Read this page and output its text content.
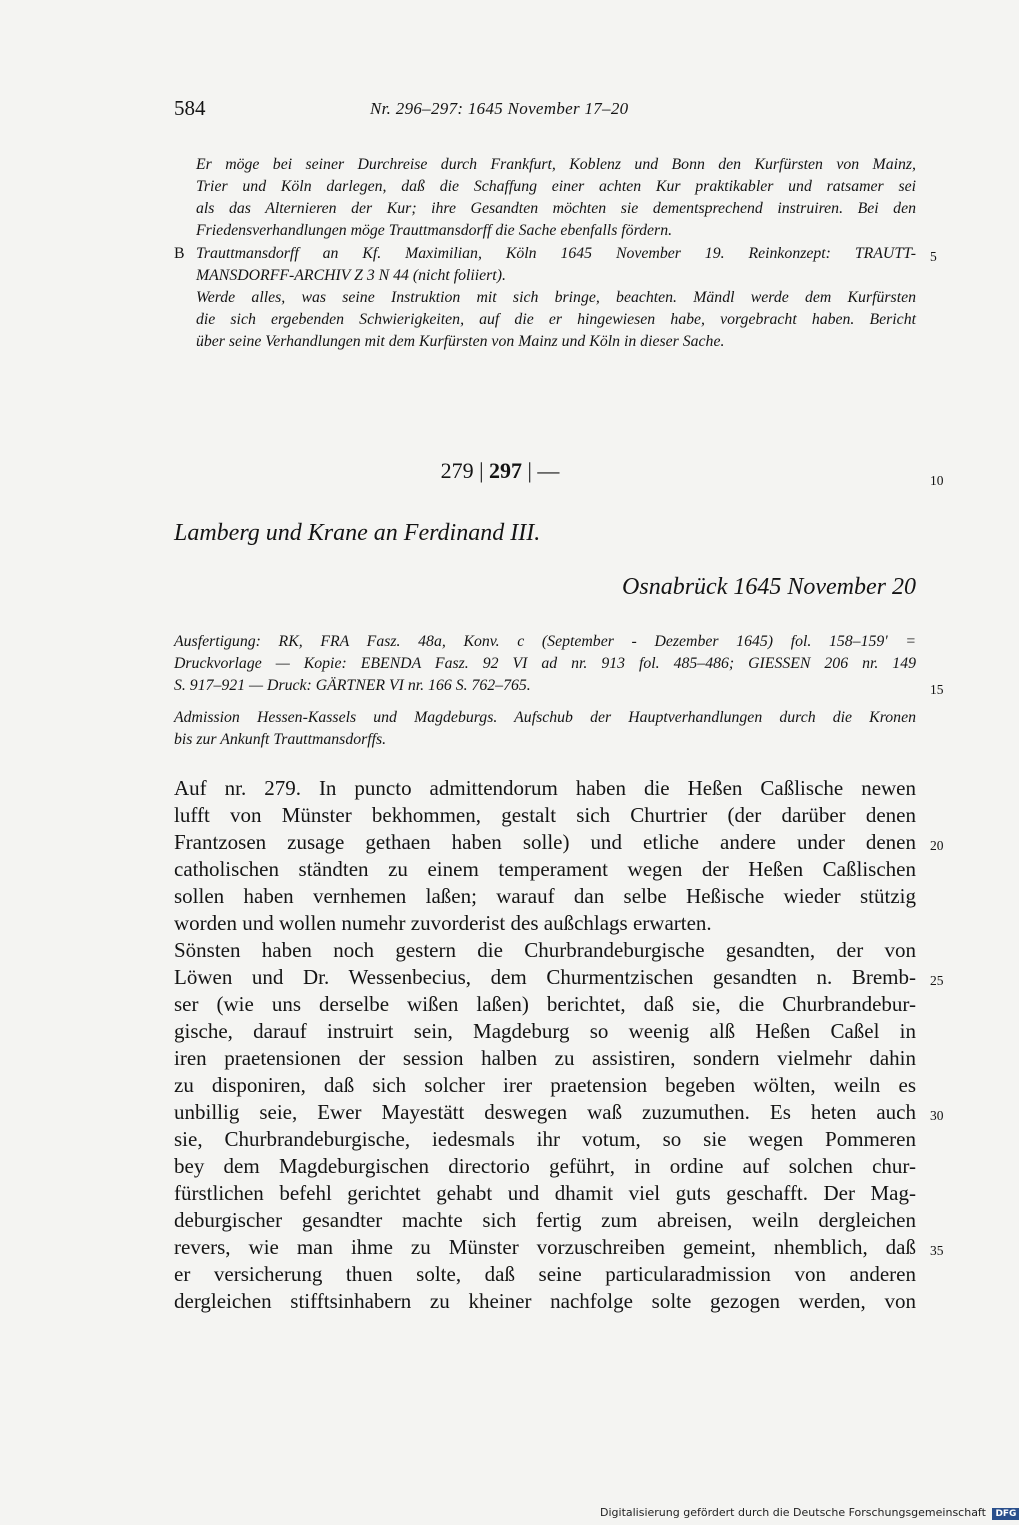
584	Nr. 296–297: 1645 November 17–20
Er möge bei seiner Durchreise durch Frankfurt, Koblenz und Bonn den Kurfürsten von Mainz,
Trier und Köln darlegen, daß die Schaffung einer achten Kur praktikabler und ratsamer sei
als das Alternieren der Kur; ihre Gesandten möchten sie dementsprechend instruiren. Bei den
Friedensverhandlungen möge Trauttmansdorff die Sache ebenfalls fördern.
B Trauttmansdorff an Kf. Maximilian, Köln 1645 November 19. Reinkonzept: TRAUTT-
MANSDORFF-ARCHIV Z 3 N 44 (nicht foliiert).
Werde alles, was seine Instruktion mit sich bringe, beachten. Mändl werde dem Kurfürsten
die sich ergebenden Schwierigkeiten, auf die er hingewiesen habe, vorgebracht haben. Bericht
über seine Verhandlungen mit dem Kurfürsten von Mainz und Köln in dieser Sache.
279 | 297 | —
Lamberg und Krane an Ferdinand III.
Osnabrück 1645 November 20
Ausfertigung: RK, FRA Fasz. 48a, Konv. c (September - Dezember 1645) fol. 158–159' =
Druckvorlage — Kopie: EBENDA Fasz. 92 VI ad nr. 913 fol. 485–486; GIESSEN 206 nr. 149
S. 917–921 — Druck: GÄRTNER VI nr. 166 S. 762–765.
Admission Hessen-Kassels und Magdeburgs. Aufschub der Hauptverhandlungen durch die Kronen
bis zur Ankunft Trauttmansdorffs.
Auf nr. 279. In puncto admittendorum haben die Heßen Caßlische newen
lufft von Münster bekhommen, gestalt sich Churtrier (der darüber denen
Frantzosen zusage gethaen haben solle) und etliche andere under denen
catholischen ständten zu einem temperament wegen der Heßen Caßlischen
sollen haben vernhemen laßen; warauf dan selbe Heßische wieder stützig
worden und wollen numehr zuvorderist des außchlags erwarten.
Sönsten haben noch gestern die Churbrandeburgische gesandten, der von
Löwen und Dr. Wessenbecius, dem Churmentzischen gesandten n. Bremb-
ser (wie uns derselbe wißen laßen) berichtet, daß sie, die Churbrandebur-
gische, darauf instruirt sein, Magdeburg so weenig alß Heßen Caßel in
iren praetensionen der session halben zu assistiren, sondern vielmehr dahin
zu disponiren, daß sich solcher irer praetension begeben wölten, weiln es
unbillig seie, Ewer Mayestätt deswegen waß zuzumuthen. Es heten auch
sie, Churbrandeburgische, iedesmals ihr votum, so sie wegen Pommeren
bey dem Magdeburgischen directorio geführt, in ordine auf solchen chur-
fürstlichen befehl gerichtet gehabt und dhamit viel guts geschafft. Der Mag-
deburgischer gesandter machte sich fertig zum abreisen, weiln dergleichen
revers, wie man ihme zu Münster vorzuschreiben gemeint, nhemblich, daß
er versicherung thuen solte, daß seine particularadmission von anderen
dergleichen stifftsinhabern zu kheiner nachfolge solte gezogen werden, von
5
10
15
20
25
30
35
Digitalisierung gefördert durch die Deutsche Forschungsgemeinschaft DFG
